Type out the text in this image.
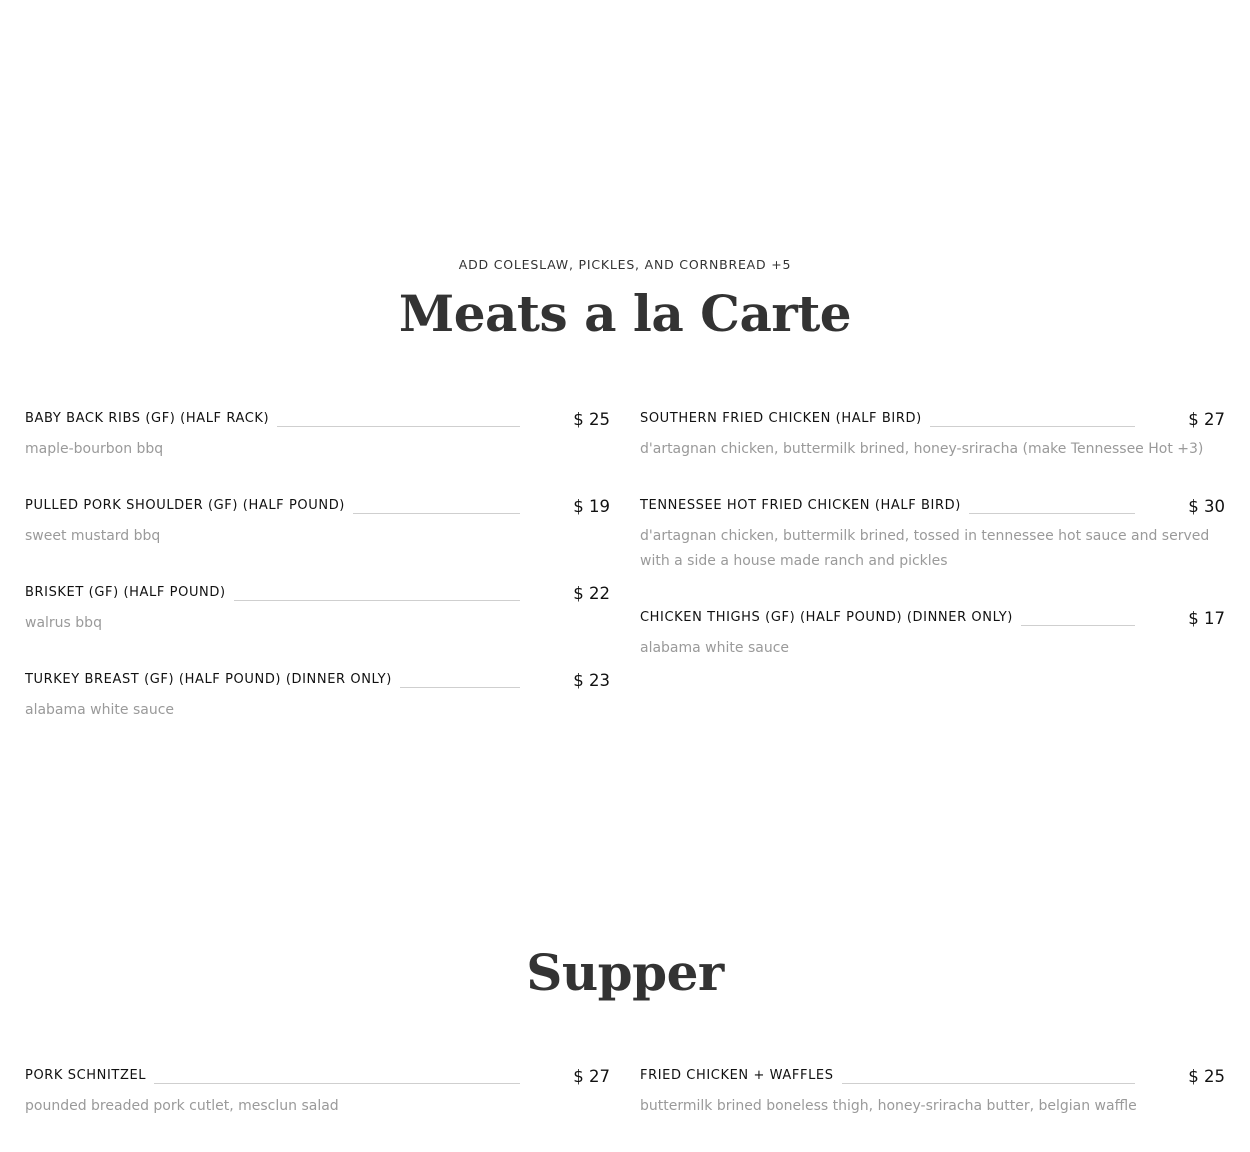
ADD COLESLAW, PICKLES, AND CORNBREAD +5
Meats a la Carte
BABY BACK RIBS (GF) (HALF RACK)	$ 25
maple-bourbon bbq
PULLED PORK SHOULDER (GF) (HALF POUND)	$ 19
sweet mustard bbq
BRISKET (GF) (HALF POUND)	$ 22
walrus bbq
TURKEY BREAST (GF) (HALF POUND) (DINNER ONLY)	$ 23
alabama white sauce
SOUTHERN FRIED CHICKEN (HALF BIRD)	$ 27
d'artagnan chicken, buttermilk brined, honey-sriracha (make Tennessee Hot +3)
TENNESSEE HOT FRIED CHICKEN (HALF BIRD)	$ 30
d'artagnan chicken, buttermilk brined, tossed in tennessee hot sauce and served with a side a house made ranch and pickles
CHICKEN THIGHS (GF) (HALF POUND) (DINNER ONLY)	$ 17
alabama white sauce
Supper
PORK SCHNITZEL	$ 27
pounded breaded pork cutlet, mesclun salad
FRIED CHICKEN + WAFFLES	$ 25
buttermilk brined boneless thigh, honey-sriracha butter, belgian waffle
